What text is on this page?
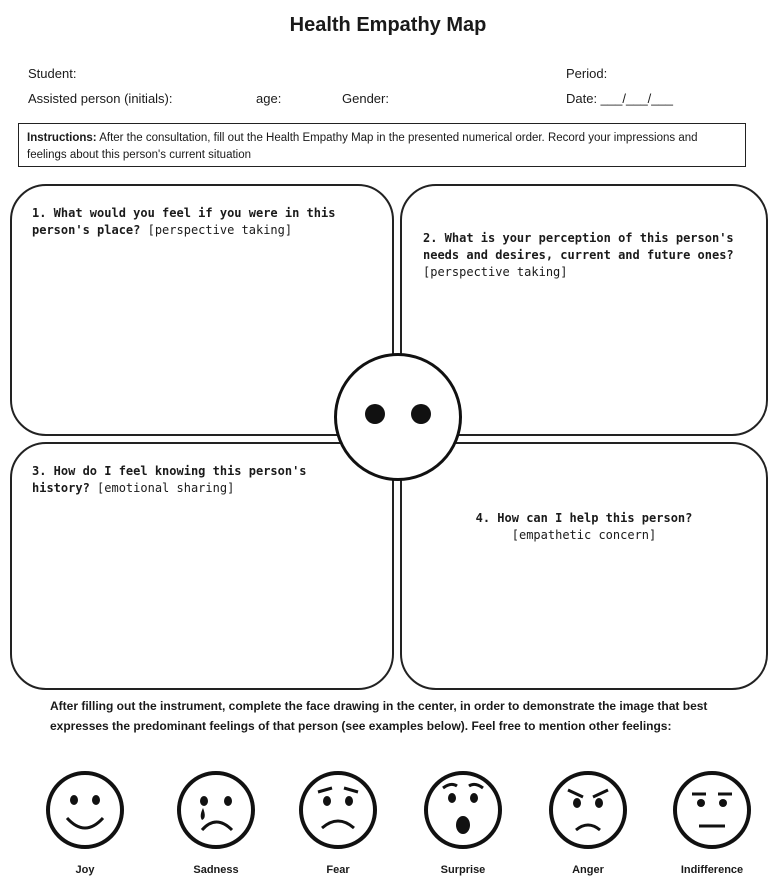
Health Empathy Map
Student:
Assisted person (initials):	age:	Gender:
Period:
Date: ___/___/___
Instructions: After the consultation, fill out the Health Empathy Map in the presented numerical order. Record your impressions and feelings about this person's current situation
1. What would you feel if you were in this person's place? [perspective taking]
2. What is your perception of this person's needs and desires, current and future ones?
[perspective taking]
3. How do I feel knowing this person's history? [emotional sharing]
4. How can I help this person?
[empathetic concern]
After filling out the instrument, complete the face drawing in the center, in order to demonstrate the image that best expresses the predominant feelings of that person (see examples below). Feel free to mention other feelings:
Joy	Sadness	Fear	Surprise	Anger	Indifference
